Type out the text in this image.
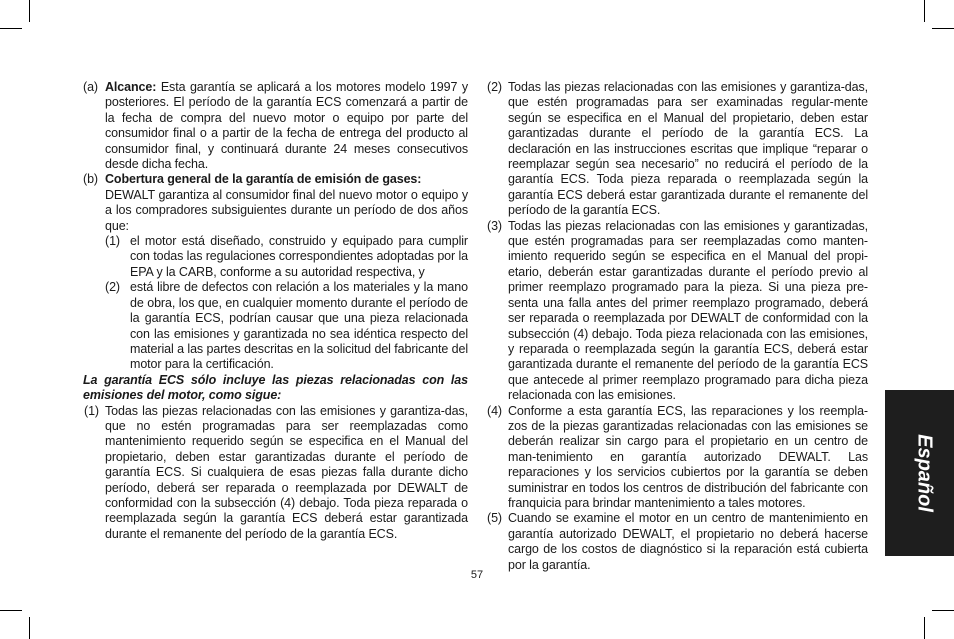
(a) Alcance: Esta garantía se aplicará a los motores modelo 1997 y posteriores. El período de la garantía ECS comenzará a partir de la fecha de compra del nuevo motor o equipo por parte del consumidor final o a partir de la fecha de entrega del producto al consumidor final, y continuará durante 24 meses consecutivos desde dicha fecha.
(b) Cobertura general de la garantía de emisión de gases:
DEWALT garantiza al consumidor final del nuevo motor o equipo y a los compradores subsiguientes durante un período de dos años que:
(1) el motor está diseñado, construido y equipado para cumplir con todas las regulaciones correspondientes adoptadas por la EPA y la CARB, conforme a su autoridad respectiva, y
(2) está libre de defectos con relación a los materiales y la mano de obra, los que, en cualquier momento durante el período de la garantía ECS, podrían causar que una pieza relacionada con las emisiones y garantizada no sea idéntica respecto del material a las partes descritas en la solicitud del fabricante del motor para la certificación.
La garantía ECS sólo incluye las piezas relacionadas con las emisiones del motor, como sigue:
(1) Todas las piezas relacionadas con las emisiones y garantiza-das, que no estén programadas para ser reemplazadas como mantenimiento requerido según se especifica en el Manual del propietario, deben estar garantizadas durante el período de garantía ECS. Si cualquiera de esas piezas falla durante dicho período, deberá ser reparada o reemplazada por DEWALT de conformidad con la subsección (4) debajo. Toda pieza reparada o reemplazada según la garantía ECS deberá estar garantizada durante el remanente del período de la garantía ECS.
(2) Todas las piezas relacionadas con las emisiones y garantiza-das, que estén programadas para ser examinadas regular-mente según se especifica en el Manual del propietario, deben estar garantizadas durante el período de la garantía ECS. La declaración en las instrucciones escritas que implique “reparar o reemplazar según sea necesario” no reducirá el período de la garantía ECS. Toda pieza reparada o reemplazada según la garantía ECS deberá estar garantizada durante el remanente del período de la garantía ECS.
(3) Todas las piezas relacionadas con las emisiones y garantizadas, que estén programadas para ser reemplazadas como manten-imiento requerido según se especifica en el Manual del propi-etario, deberán estar garantizadas durante el período previo al primer reemplazo programado para la pieza. Si una pieza pre-senta una falla antes del primer reemplazo programado, deberá ser reparada o reemplazada por DEWALT de conformidad con la subsección (4) debajo. Toda pieza relacionada con las emisiones, y reparada o reemplazada según la garantía ECS, deberá estar garantizada durante el remanente del período de la garantía ECS que antecede al primer reemplazo programado para dicha pieza relacionada con las emisiones.
(4) Conforme a esta garantía ECS, las reparaciones y los reempla-zos de la piezas garantizadas relacionadas con las emisiones se deberán realizar sin cargo para el propietario en un centro de man-tenimiento en garantía autorizado DEWALT. Las reparaciones y los servicios cubiertos por la garantía se deben suministrar en todos los centros de distribución del fabricante con franquicia para brindar mantenimiento a tales motores.
(5) Cuando se examine el motor en un centro de mantenimiento en garantía autorizado DEWALT, el propietario no deberá hacerse cargo de los costos de diagnóstico si la reparación está cubierta por la garantía.
Español
57
